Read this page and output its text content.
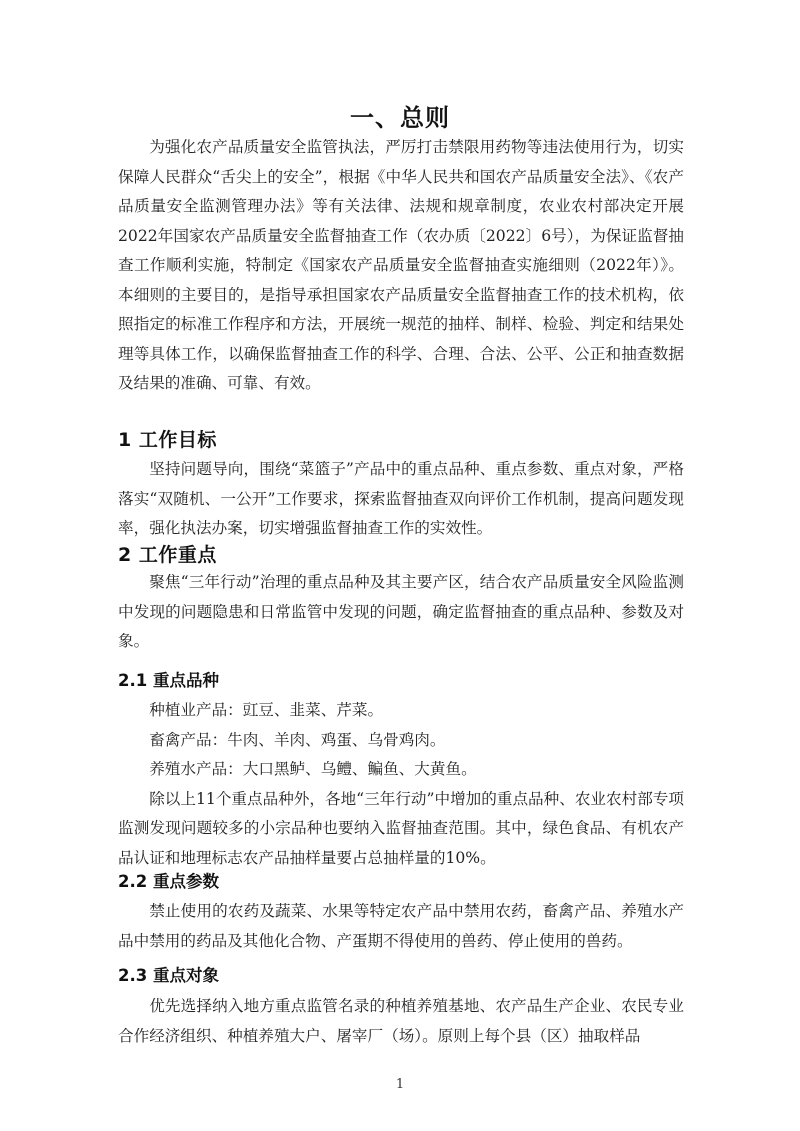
一、总则

为强化农产品质量安全监管执法，严厉打击禁限用药物等违法使用行为，切实保障人民群众“舌尖上的安全”，根据《中华人民共和国农产品质量安全法》、《农产品质量安全监测管理办法》等有关法律、法规和规章制度，农业农村部决定开展2022年国家农产品质量安全监督抽查工作（农办质〔2022〕6号），为保证监督抽查工作顺利实施，特制定《国家农产品质量安全监督抽查实施细则（2022年）》。本细则的主要目的，是指导承担国家农产品质量安全监督抽查工作的技术机构，依照指定的标准工作程序和方法，开展统一规范的抽样、制样、检验、判定和结果处理等具体工作，以确保监督抽查工作的科学、合理、合法、公平、公正和抽查数据及结果的准确、可靠、有效。

1 工作目标

坚持问题导向，围绕“菜篮子”产品中的重点品种、重点参数、重点对象，严格落实“双随机、一公开”工作要求，探索监督抽查双向评价工作机制，提高问题发现率，强化执法办案，切实增强监督抽查工作的实效性。

2 工作重点

聚焦“三年行动”治理的重点品种及其主要产区，结合农产品质量安全风险监测中发现的问题隐患和日常监管中发现的问题，确定监督抽查的重点品种、参数及对象。

2.1 重点品种

种植业产品：豇豆、韭菜、芹菜。

畜禽产品：牛肉、羊肉、鸡蛋、乌骨鸡肉。

养殖水产品：大口黑鲈、乌鳢、鳊鱼、大黄鱼。

除以上11个重点品种外，各地“三年行动”中增加的重点品种、农业农村部专项监测发现问题较多的小宗品种也要纳入监督抽查范围。其中，绿色食品、有机农产品认证和地理标志农产品抽样量要占总抽样量的10%。

2.2 重点参数

禁止使用的农药及蔬菜、水果等特定农产品中禁用农药，畜禽产品、养殖水产品中禁用的药品及其他化合物、产蛋期不得使用的兽药、停止使用的兽药。

2.3 重点对象

优先选择纳入地方重点监管名录的种植养殖基地、农产品生产企业、农民专业合作经济组织、种植养殖大户、屠宰厂（场）。原则上每个县（区）抽取样品

1
